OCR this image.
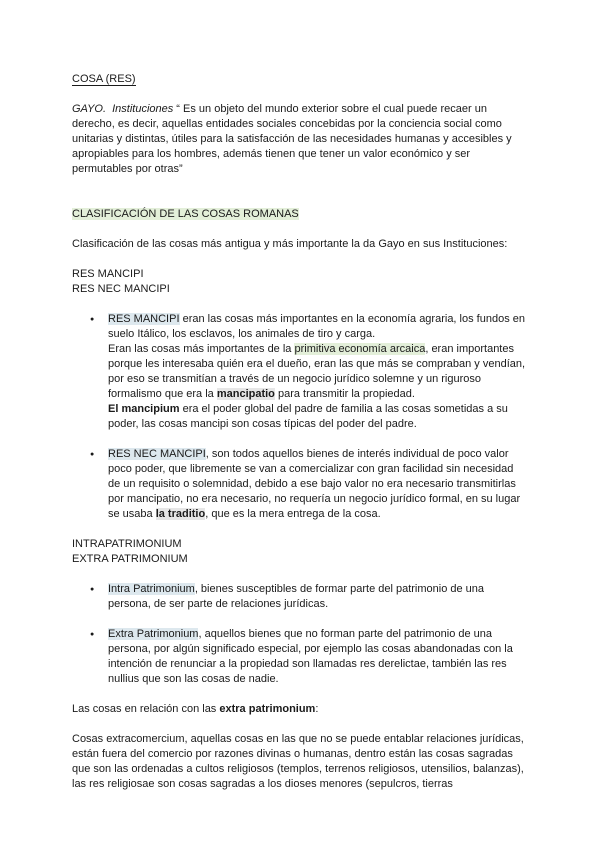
COSA (RES)

GAYO. Instituciones “ Es un objeto del mundo exterior sobre el cual puede recaer un derecho, es decir, aquellas entidades sociales concebidas por la conciencia social como unitarias y distintas, útiles para la satisfacción de las necesidades humanas y accesibles y apropiables para los hombres, además tienen que tener un valor económico y ser permutables por otras”

CLASIFICACIÓN DE LAS COSAS ROMANAS

Clasificación de las cosas más antigua y más importante la da Gayo en sus Instituciones:

RES MANCIPI

RES NEC MANCIPI

● RES MANCIPI eran las cosas más importantes en la economía agraria, los fundos en suelo Itálico, los esclavos, los animales de tiro y carga.
Eran las cosas más importantes de la primitiva economía arcaica, eran importantes porque les interesaba quién era el dueño, eran las que más se compraban y vendían, por eso se transmitían a través de un negocio jurídico solemne y un riguroso formalismo que era la mancipatio para transmitir la propiedad.
El mancipium era el poder global del padre de familia a las cosas sometidas a su poder, las cosas mancipi son cosas típicas del poder del padre.
● RES NEC MANCIPI, son todos aquellos bienes de interés individual de poco valor poco poder, que libremente se van a comercializar con gran facilidad sin necesidad de un requisito o solemnidad, debido a ese bajo valor no era necesario transmitirlas por mancipatio, no era necesario, no requería un negocio jurídico formal, en su lugar se usaba la traditio, que es la mera entrega de la cosa.

INTRAPATRIMONIUM

EXTRA PATRIMONIUM

● Intra Patrimonium, bienes susceptibles de formar parte del patrimonio de una persona, de ser parte de relaciones jurídicas.
● Extra Patrimonium, aquellos bienes que no forman parte del patrimonio de una persona, por algún significado especial, por ejemplo las cosas abandonadas con la intención de renunciar a la propiedad son llamadas res derelictae, también las res nullius que son las cosas de nadie.

Las cosas en relación con las extra patrimonium:

Cosas extracomercium, aquellas cosas en las que no se puede entablar relaciones jurídicas, están fuera del comercio por razones divinas o humanas, dentro están las cosas sagradas que son las ordenadas a cultos religiosos (templos, terrenos religiosos, utensilios, balanzas), las res religiosae son cosas sagradas a los dioses menores (sepulcros, tierras
